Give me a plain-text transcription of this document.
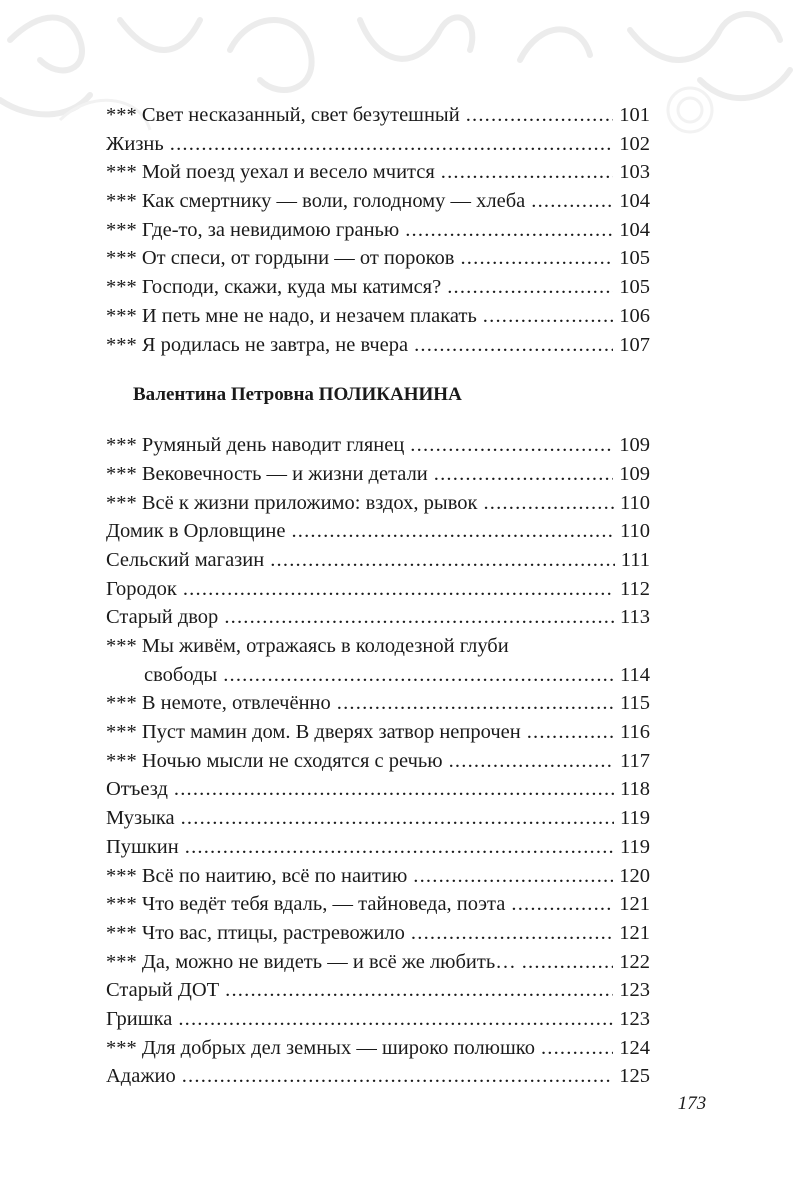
*** Свет несказанный, свет безутешный .....	101
Жизнь .....	102
*** Мой поезд уехал и весело мчится .....	103
*** Как смертнику — воли, голодному — хлеба .....	104
*** Где-то, за невидимою гранью .....	104
*** От спеси, от гордыни — от пороков .....	105
*** Господи, скажи, куда мы катимся? .....	105
*** И петь мне не надо, и незачем плакать .....	106
*** Я родилась не завтра, не вчера .....	107
Валентина Петровна ПОЛИКАНИНА
*** Румяный день наводит глянец .....	109
*** Вековечность — и жизни детали .....	109
*** Всё к жизни приложимо: вздох, рывок .....	110
Домик в Орловщине .....	110
Сельский магазин .....	111
Городок .....	112
Старый двор .....	113
*** Мы живём, отражаясь в колодезной глуби
свободы .....	114
*** В немоте, отвлечённо .....	115
*** Пуст мамин дом. В дверях затвор непрочен .....	116
*** Ночью мысли не сходятся с речью .....	117
Отъезд .....	118
Музыка .....	119
Пушкин .....	119
*** Всё по наитию, всё по наитию .....	120
*** Что ведёт тебя вдаль, — тайноведа, поэта .....	121
*** Что вас, птицы, растревожило .....	121
*** Да, можно не видеть — и всё же любить… .....	122
Старый ДОТ .....	123
Гришка .....	123
*** Для добрых дел земных — широко полюшко .....	124
Адажио .....	125
173
